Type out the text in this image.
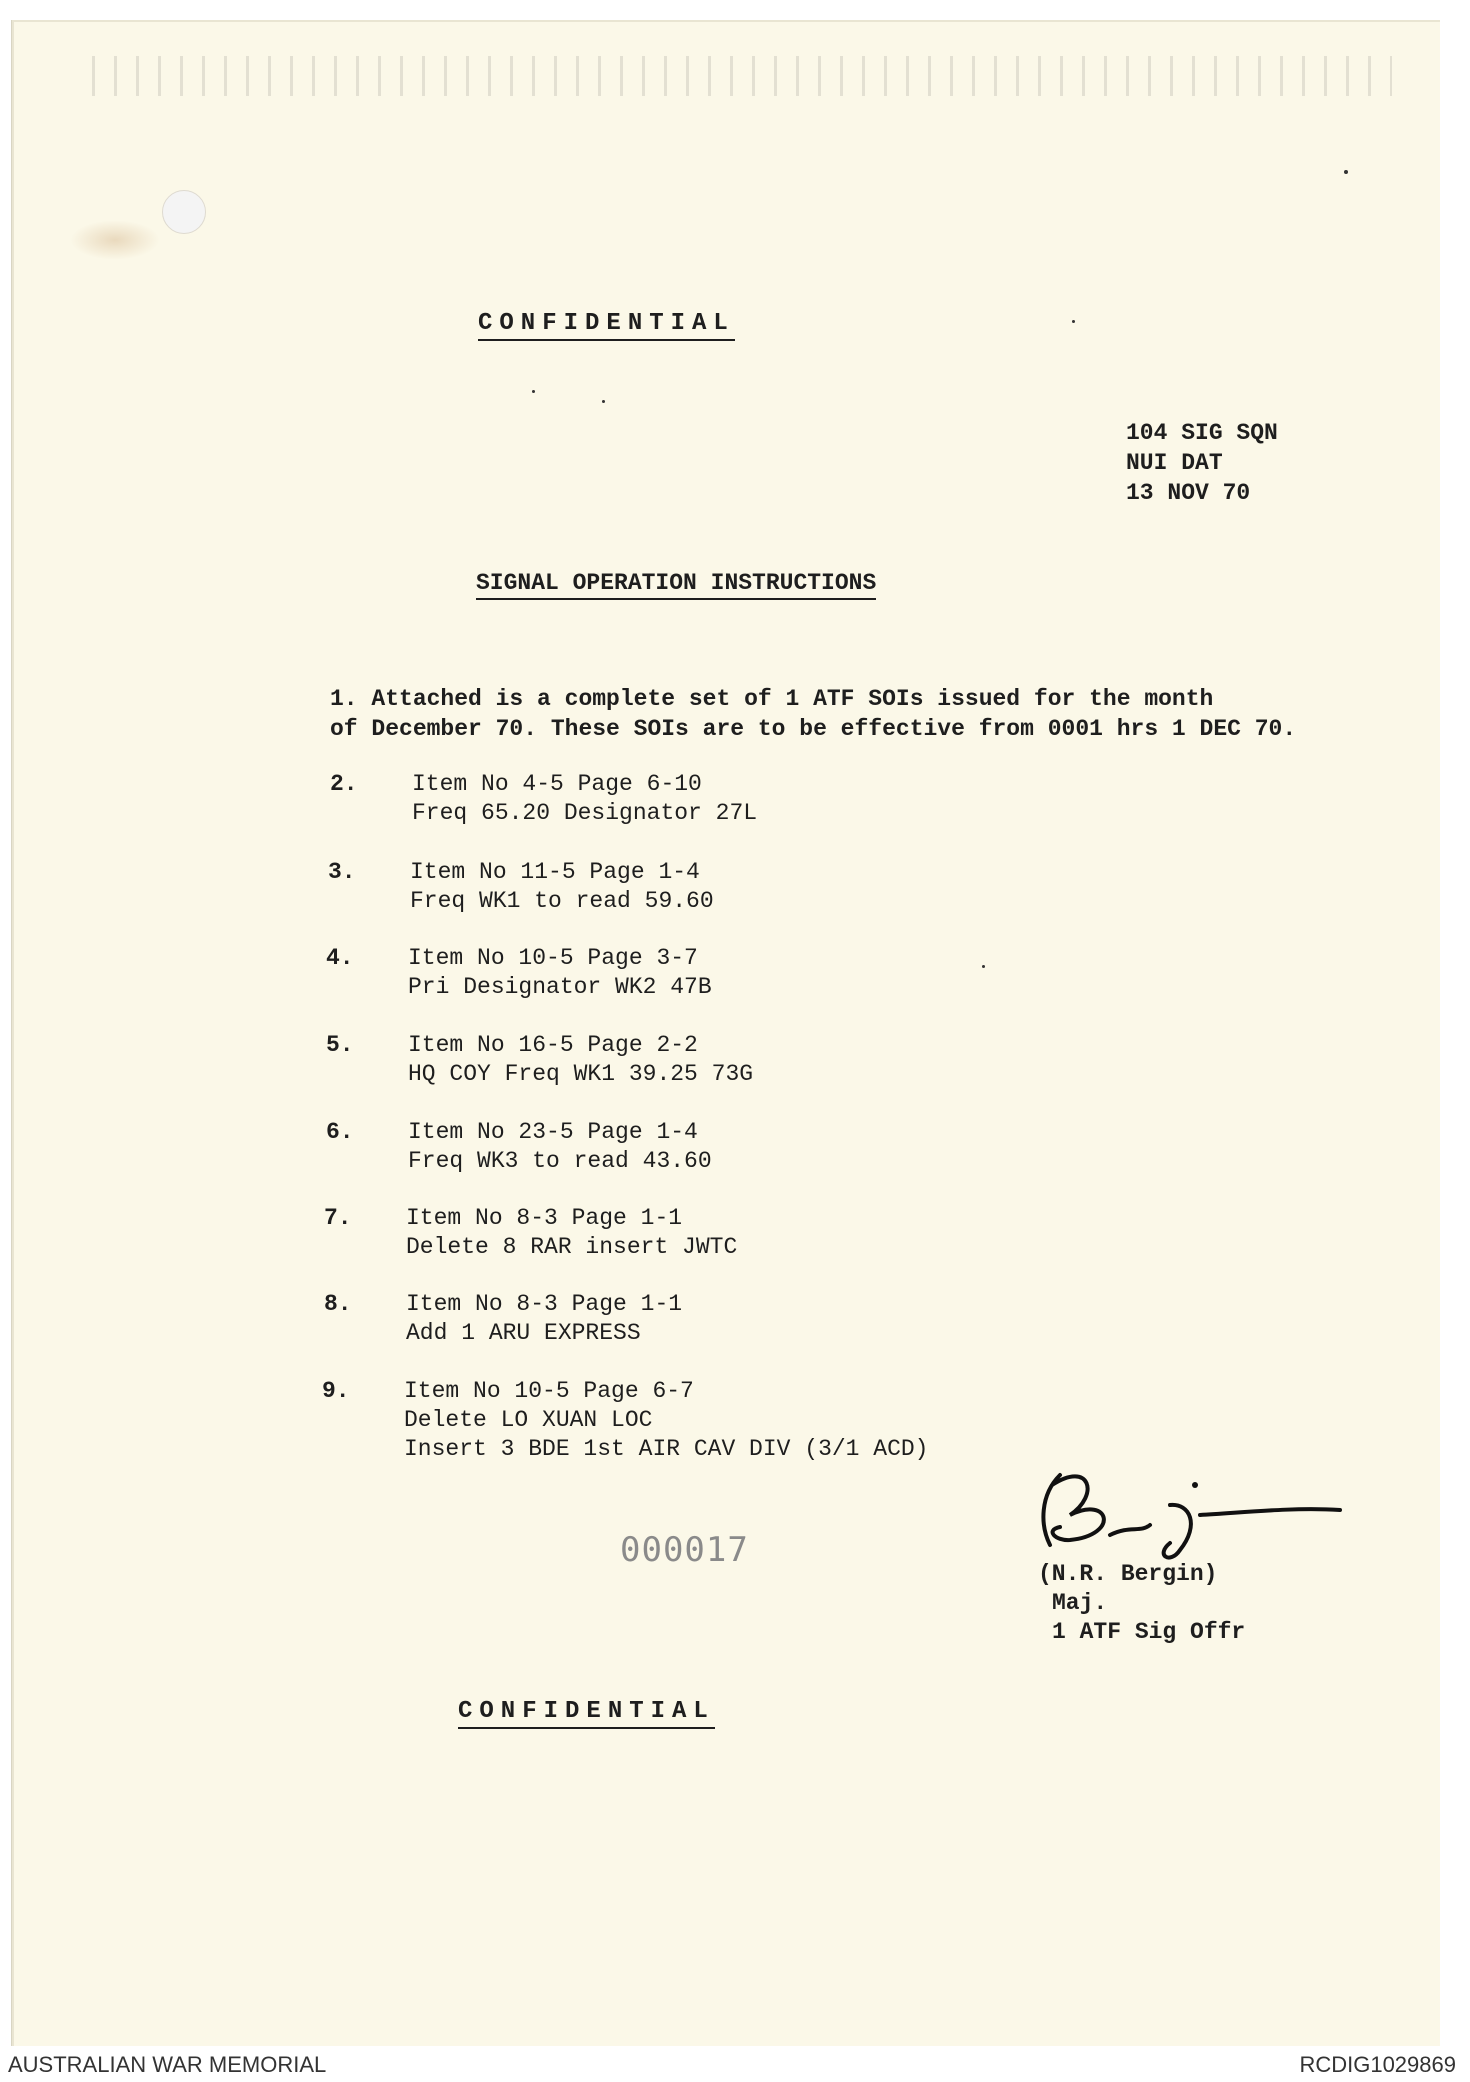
CONFIDENTIAL
104 SIG SQN
NUI DAT
13 NOV 70
SIGNAL OPERATION INSTRUCTIONS
1. Attached is a complete set of 1 ATF SOIs issued for the month
of December 70. These SOIs are to be effective from 0001 hrs 1 DEC 70.
2. Item No 4-5 Page 6-10
Freq 65.20 Designator 27L
3. Item No 11-5 Page 1-4
Freq WK1 to read 59.60
4. Item No 10-5 Page 3-7
Pri Designator WK2 47B
5. Item No 16-5 Page 2-2
HQ COY Freq WK1 39.25 73G
6. Item No 23-5 Page 1-4
Freq WK3 to read 43.60
7. Item No 8-3 Page 1-1
Delete 8 RAR insert JWTC
8. Item No 8-3 Page 1-1
Add 1 ARU EXPRESS
9. Item No 10-5 Page 6-7
Delete LO XUAN LOC
Insert 3 BDE 1st AIR CAV DIV (3/1 ACD)
000017
(N.R. Bergin)
Maj.
1 ATF Sig Offr
CONFIDENTIAL
AUSTRALIAN WAR MEMORIAL	RCDIG1029869
